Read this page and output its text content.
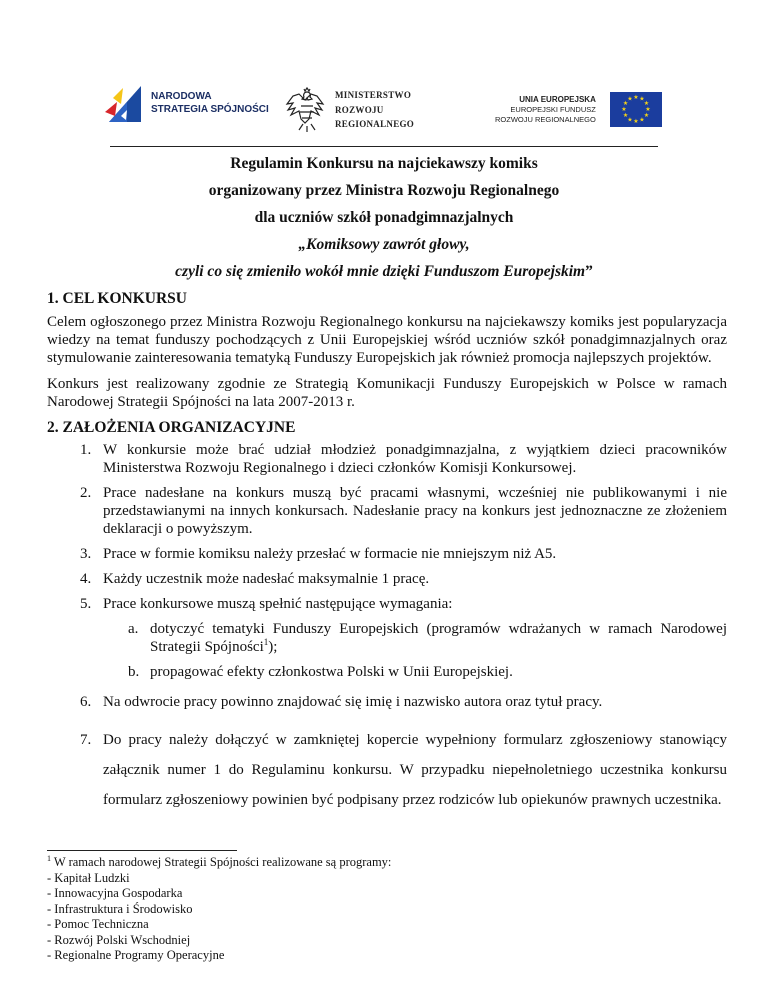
NARODOWA
STRATEGIA SPÓJNOŚCI
MINISTERSTWO
ROZWOJU
REGIONALNEGO
UNIA EUROPEJSKA
EUROPEJSKI FUNDUSZ
ROZWOJU REGIONALNEGO
★ ★
★
★
★
★
★
★
★
★
★
★
Regulamin Konkursu na najciekawszy komiks
organizowany przez Ministra Rozwoju Regionalnego
dla uczniów szkół ponadgimnazjalnych
„Komiksowy zawrót głowy,
czyli co się zmieniło wokół mnie dzięki Funduszom Europejskim”
1. CEL KONKURSU

Celem ogłoszonego przez Ministra Rozwoju Regionalnego konkursu na najciekawszy komiks jest popularyzacja wiedzy na temat funduszy pochodzących z Unii Europejskiej wśród uczniów szkół ponadgimnazjalnych oraz stymulowanie zainteresowania tematyką Funduszy Europejskich jak również promocja najlepszych projektów.

Konkurs jest realizowany zgodnie ze Strategią Komunikacji Funduszy Europejskich w Polsce w ramach Narodowej Strategii Spójności na lata 2007-2013 r.

2. ZAŁOŻENIA ORGANIZACYJNE
1. W konkursie może brać udział młodzież ponadgimnazjalna, z wyjątkiem dzieci pracowników Ministerstwa Rozwoju Regionalnego i dzieci członków Komisji Konkursowej.
2. Prace nadesłane na konkurs muszą być pracami własnymi, wcześniej nie publikowanymi i nie przedstawianymi na innych konkursach. Nadesłanie pracy na konkurs jest jednoznaczne ze złożeniem deklaracji o powyższym.
3. Prace w formie komiksu należy przesłać w formacie nie mniejszym niż A5.
4. Każdy uczestnik może nadesłać maksymalnie 1 pracę.
5. Prace konkursowe muszą spełnić następujące wymagania:
a. dotyczyć tematyki Funduszy Europejskich (programów wdrażanych w ramach Narodowej Strategii Spójności$^1$);
b. propagować efekty członkostwa Polski w Unii Europejskiej.
6. Na odwrocie pracy powinno znajdować się imię i nazwisko autora oraz tytuł pracy.
7. Do pracy należy dołączyć w zamkniętej kopercie wypełniony formularz zgłoszeniowy stanowiący załącznik numer 1 do Regulaminu konkursu. W przypadku niepełnoletniego uczestnika konkursu formularz zgłoszeniowy powinien być podpisany przez rodziców lub opiekunów prawnych uczestnika.
$^1$ W ramach narodowej Strategii Spójności realizowane są programy:
- Kapitał Ludzki
- Innowacyjna Gospodarka
- Infrastruktura i Środowisko
- Pomoc Techniczna
- Rozwój Polski Wschodniej
- Regionalne Programy Operacyjne
